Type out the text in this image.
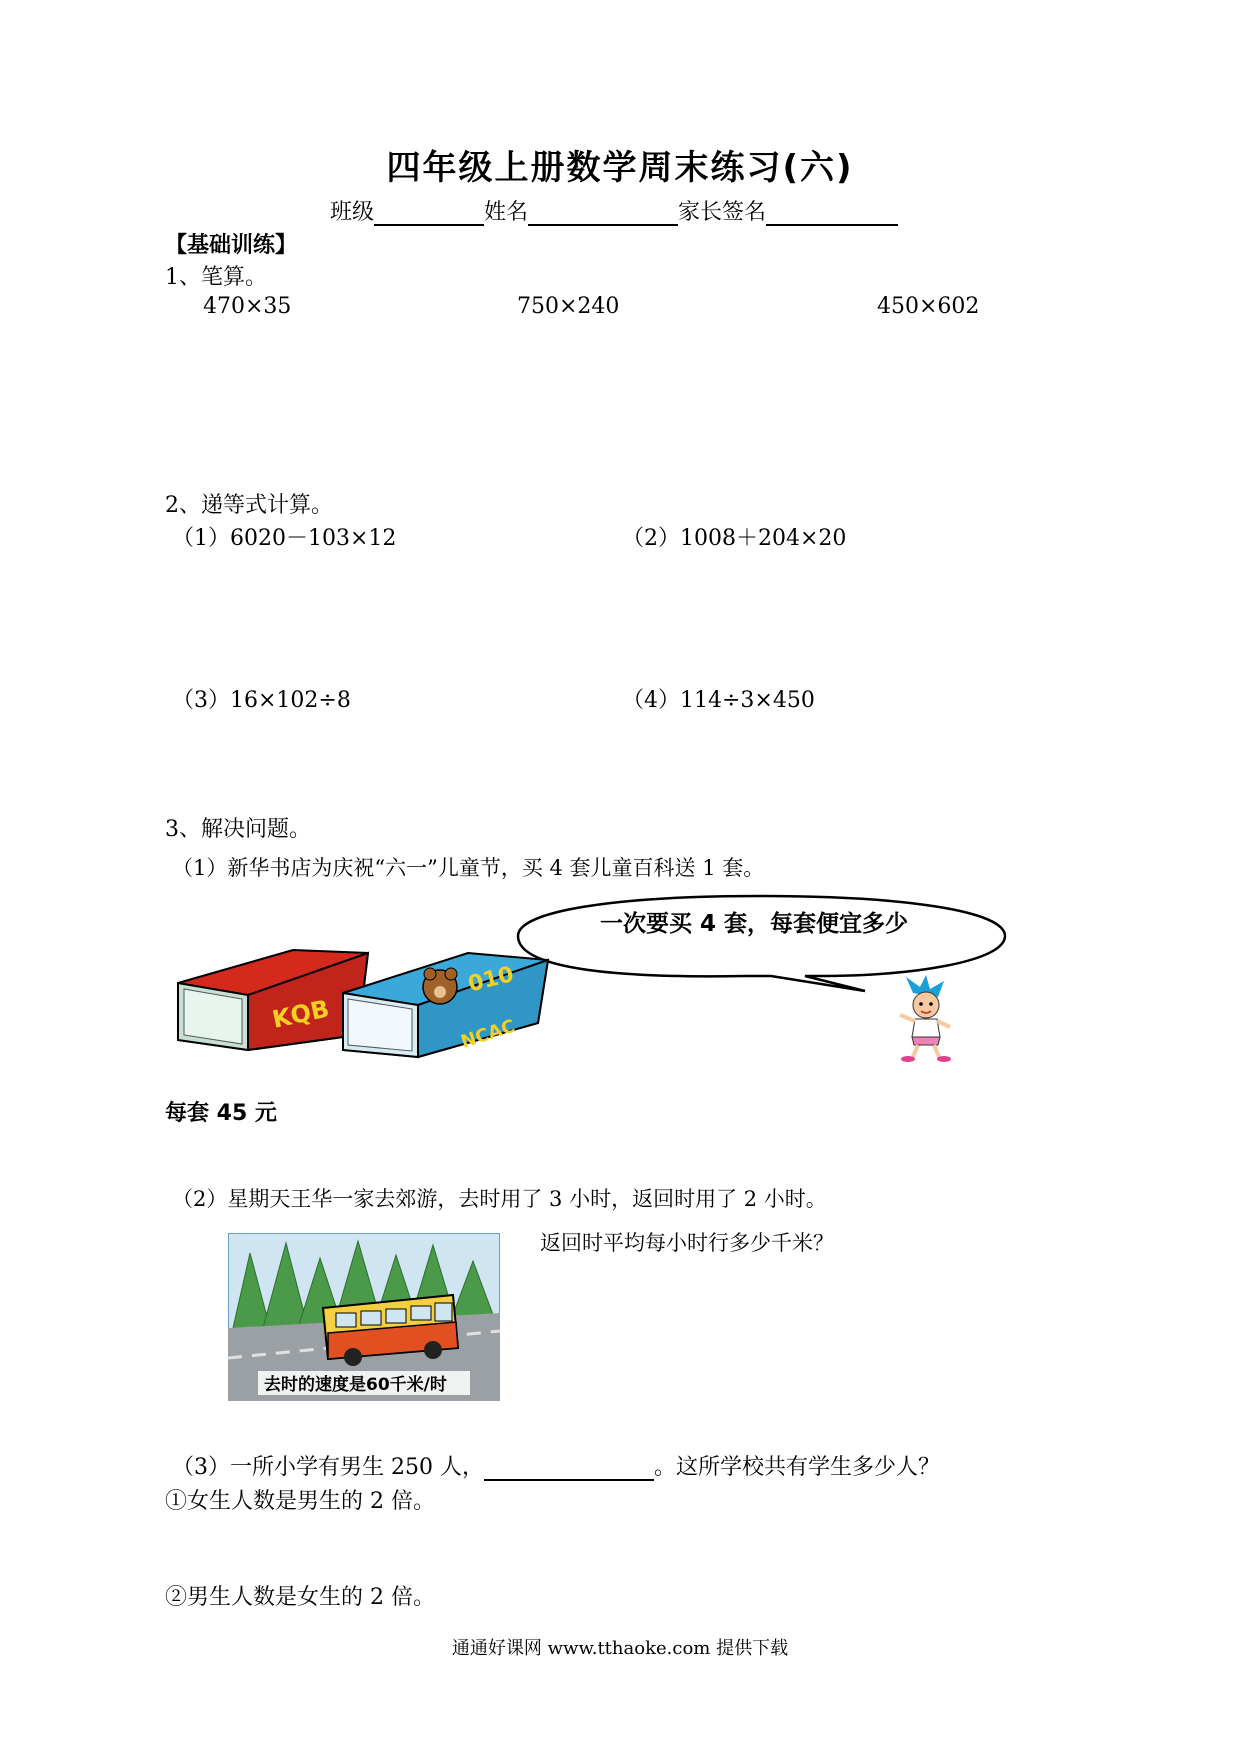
四年级上册数学周末练习(六)
班级	姓名	家长签名
【基础训练】
1、笔算。
470×35	750×240	450×602
2、递等式计算。
（1）6020－103×12	（2）1008＋204×20
（3）16×102÷8	（4）114÷3×450
3、解决问题。
（1）新华书店为庆祝“六一”儿童节，买 4 套儿童百科送 1 套。
一次要买 4 套，每套便宜多少
KQB
010
NCAC
每套 45 元
（2）星期天王华一家去郊游，去时用了 3 小时，返回时用了 2 小时。
去时的速度是60千米/时
返回时平均每小时行多少千米？
（3）一所小学有男生 250 人，	。这所学校共有学生多少人？
①女生人数是男生的 2 倍。
②男生人数是女生的 2 倍。
通通好课网 www.tthaoke.com 提供下载
